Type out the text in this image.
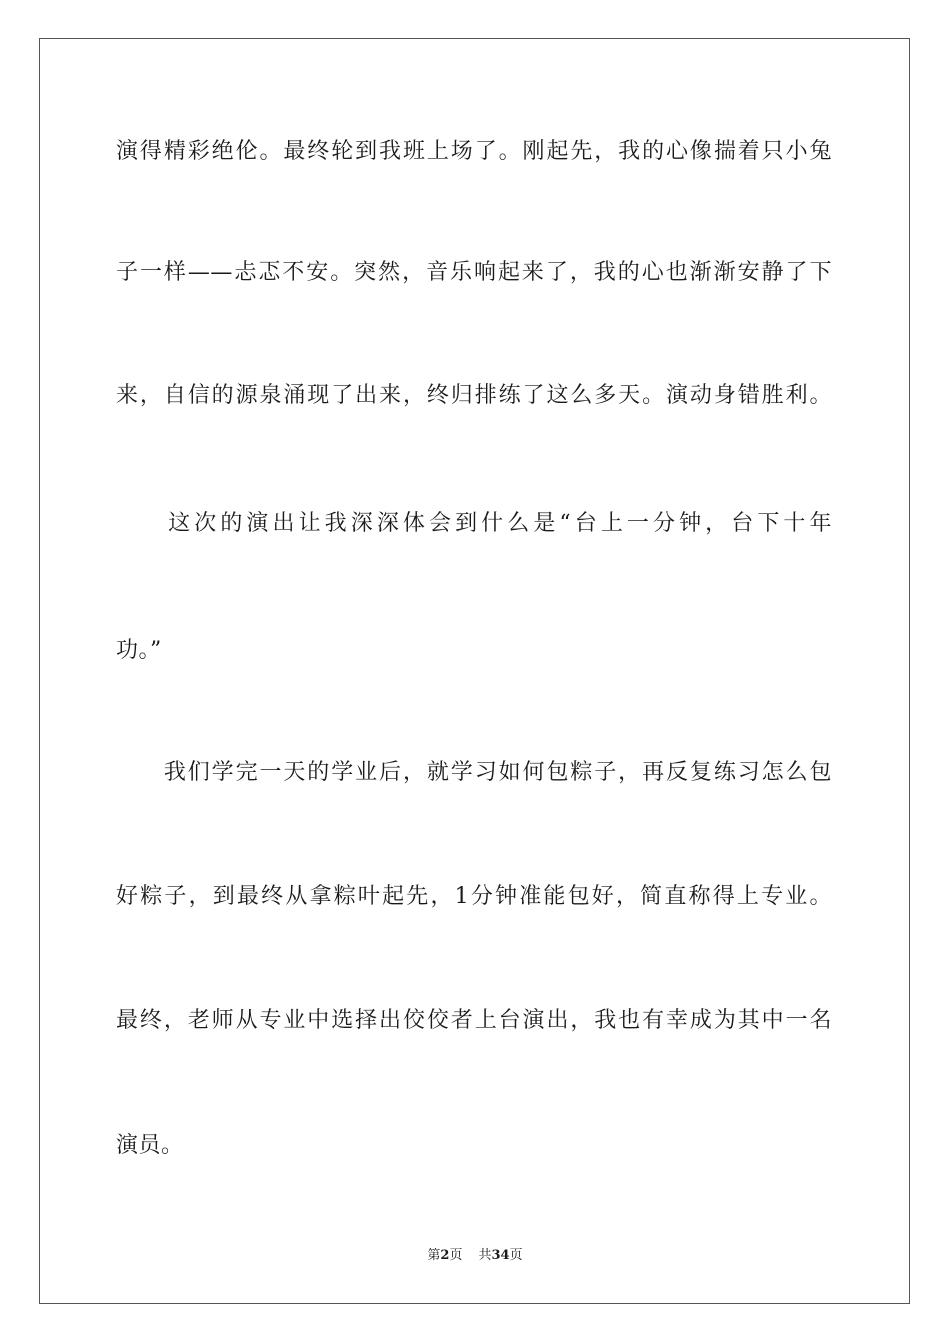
演得精彩绝伦。最终轮到我班上场了。刚起先，我的心像揣着只小兔
子一样——忐忑不安。突然，音乐响起来了，我的心也渐渐安静了下
来，自信的源泉涌现了出来，终归排练了这么多天。演动身错胜利。
　　这次的演出让我深深体会到什么是“台上一分钟，台下十年
功。”
　　我们学完一天的学业后，就学习如何包粽子，再反复练习怎么包
好粽子，到最终从拿粽叶起先，1分钟准能包好，简直称得上专业。
最终，老师从专业中选择出佼佼者上台演出，我也有幸成为其中一名
演员。
第2页 共34页
